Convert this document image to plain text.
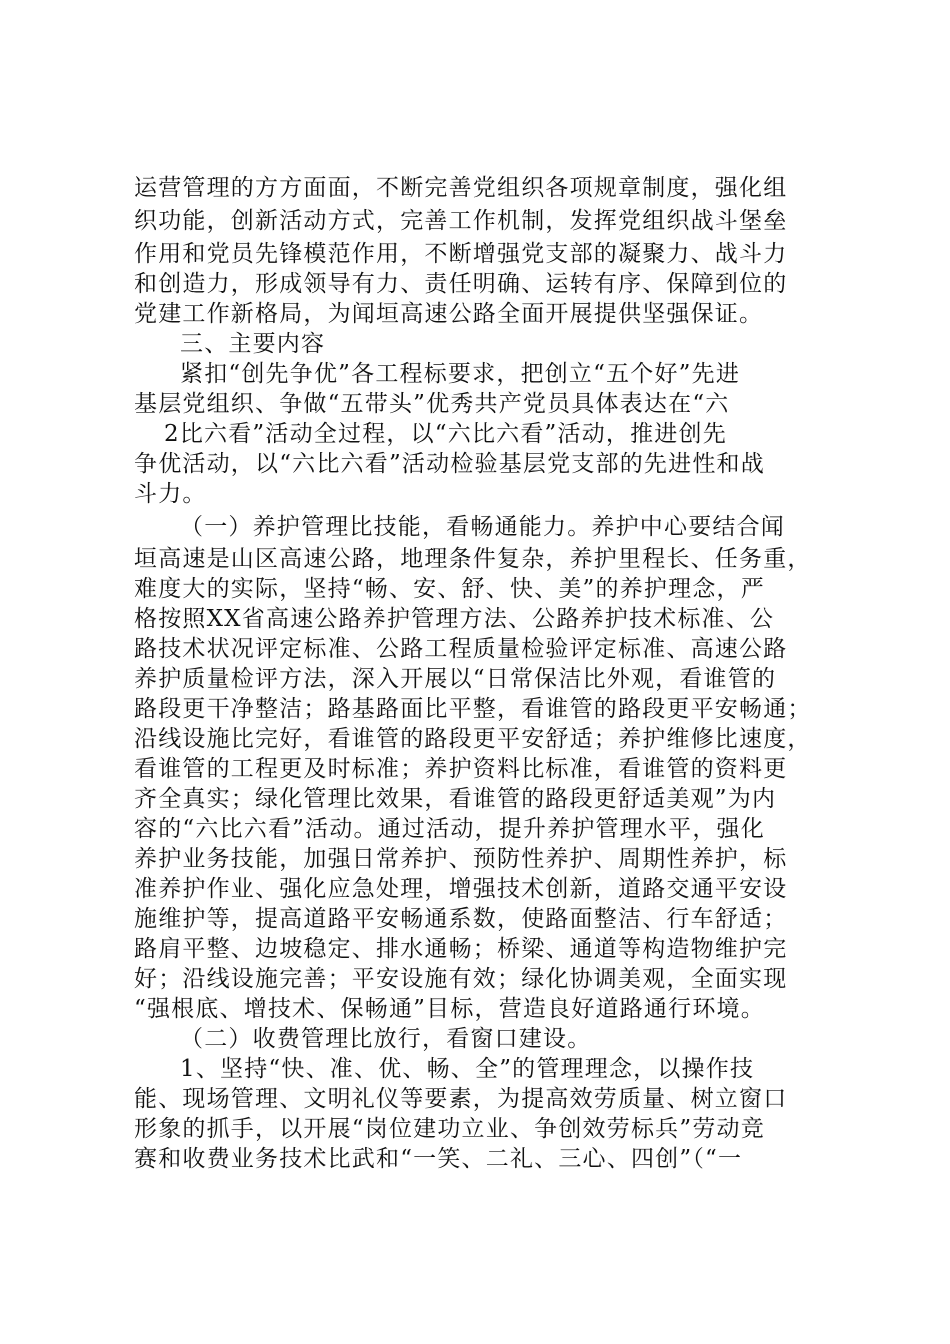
运营管理的方方面面，不断完善党组织各项规章制度，强化组
织功能，创新活动方式，完善工作机制，发挥党组织战斗堡垒
作用和党员先锋模范作用，不断增强党支部的凝聚力、战斗力
和创造力，形成领导有力、责任明确、运转有序、保障到位的
党建工作新格局，为闻垣高速公路全面开展提供坚强保证。
三、主要内容
紧扣“创先争优”各工程标要求，把创立“五个好”先进
基层党组织、争做“五带头”优秀共产党员具体表达在“六
2比六看”活动全过程，以“六比六看”活动，推进创先
争优活动，以“六比六看”活动检验基层党支部的先进性和战
斗力。
（一）养护管理比技能，看畅通能力。养护中心要结合闻
垣高速是山区高速公路，地理条件复杂，养护里程长、任务重，
难度大的实际，坚持“畅、安、舒、快、美”的养护理念，严
格按照XX省高速公路养护管理方法、公路养护技术标准、公
路技术状况评定标准、公路工程质量检验评定标准、高速公路
养护质量检评方法，深入开展以“日常保洁比外观，看谁管的
路段更干净整洁；路基路面比平整，看谁管的路段更平安畅通；
沿线设施比完好，看谁管的路段更平安舒适；养护维修比速度，
看谁管的工程更及时标准；养护资料比标准，看谁管的资料更
齐全真实；绿化管理比效果，看谁管的路段更舒适美观”为内
容的“六比六看”活动。通过活动，提升养护管理水平，强化
养护业务技能，加强日常养护、预防性养护、周期性养护，标
准养护作业、强化应急处理，增强技术创新，道路交通平安设
施维护等，提高道路平安畅通系数，使路面整洁、行车舒适；
路肩平整、边坡稳定、排水通畅；桥梁、通道等构造物维护完
好；沿线设施完善；平安设施有效；绿化协调美观，全面实现
“强根底、增技术、保畅通”目标，营造良好道路通行环境。
（二）收费管理比放行，看窗口建设。
1、坚持“快、准、优、畅、全”的管理理念，以操作技
能、现场管理、文明礼仪等要素，为提高效劳质量、树立窗口
形象的抓手，以开展“岗位建功立业、争创效劳标兵”劳动竞
赛和收费业务技术比武和“一笑、二礼、三心、四创”（“一
